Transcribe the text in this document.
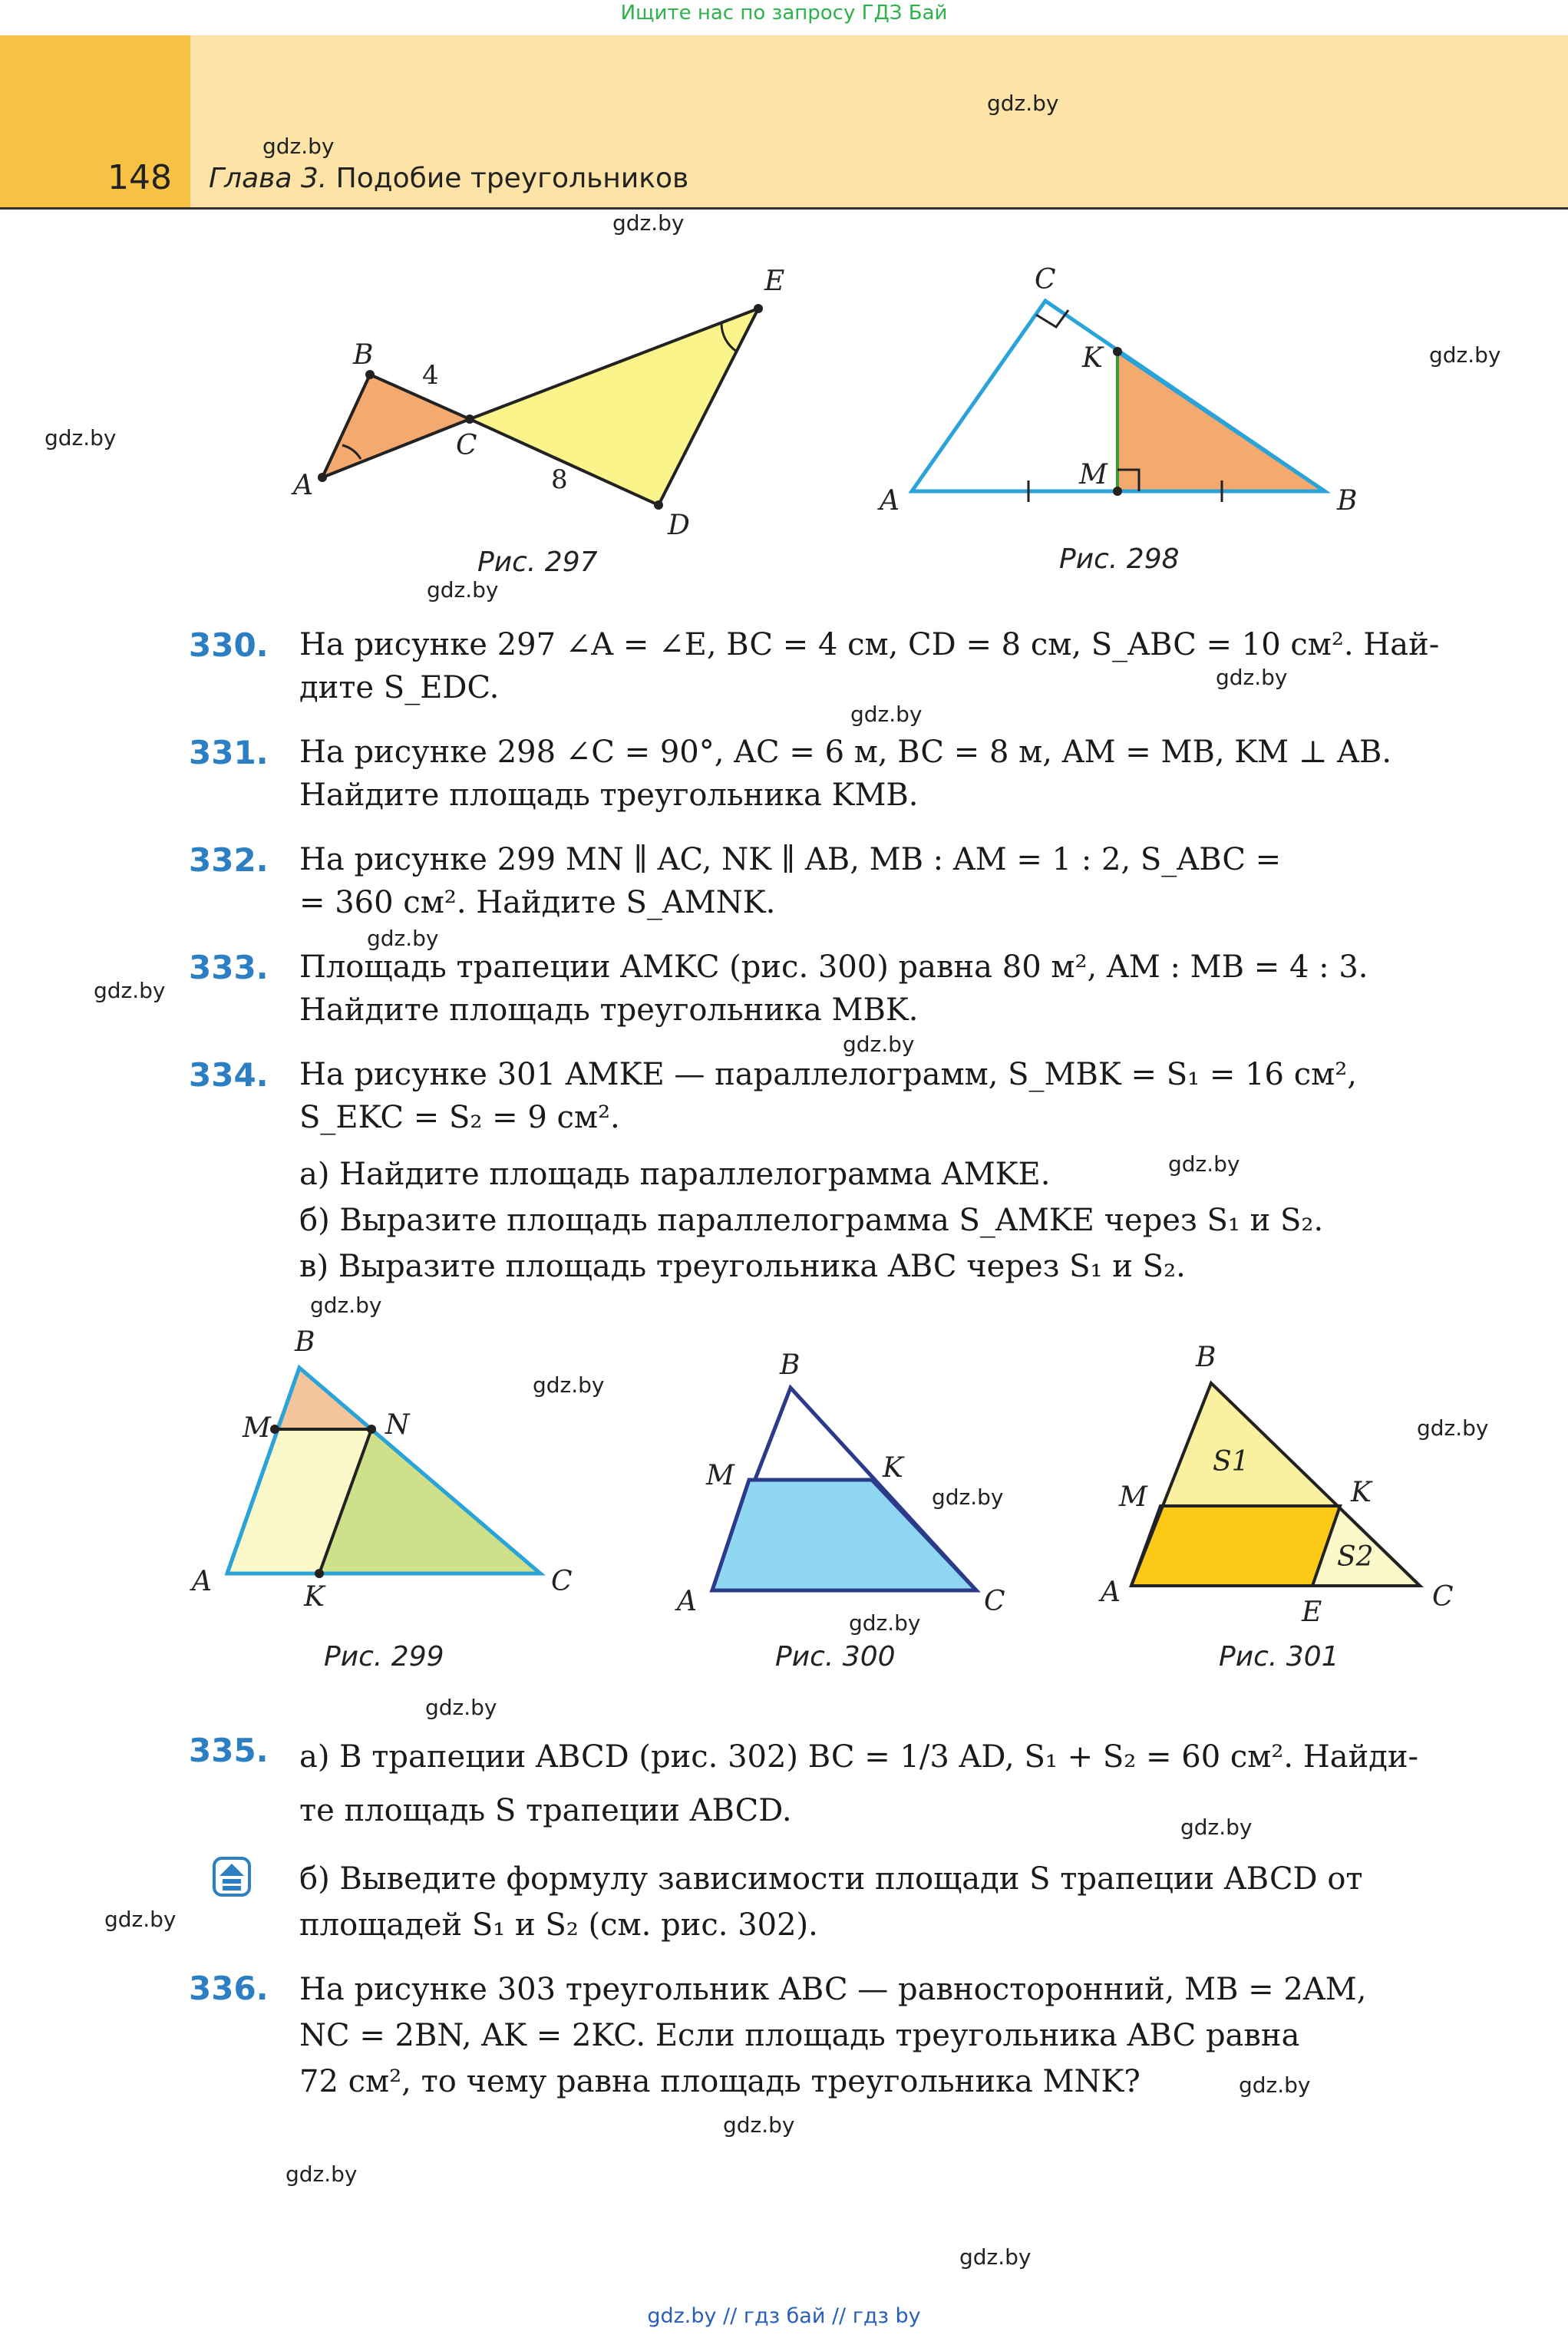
Ищите нас по запросу ГДЗ Бай
148 Глава 3. Подобие треугольников
gdz.by
gdz.by
gdz.by
gdz.by
gdz.by
gdz.by
gdz.by
gdz.by
gdz.by
gdz.by
gdz.by
gdz.by
gdz.by
gdz.by
gdz.by
gdz.by
gdz.by
gdz.by
gdz.by
gdz.by
gdz.by
gdz.by
gdz.by
gdz.by
A
B
C
D
E
4
8
Рис. 297
A	B
C
K
M
Рис. 298
330. На рисунке 297 ∠A = ∠E, BC = 4 см, CD = 8 см, S_ABC = 10 см². Най-
дите S_EDC.
331. На рисунке 298 ∠C = 90°, AC = 6 м, BC = 8 м, AM = MB, KM ⊥ AB.
Найдите площадь треугольника KMB.
332. На рисунке 299 MN ∥ AC, NK ∥ AB, MB : AM = 1 : 2, S_ABC =
= 360 см². Найдите S_AMNK.
333. Площадь трапеции AMKC (рис. 300) равна 80 м², AM : MB = 4 : 3.
Найдите площадь треугольника MBK.
334. На рисунке 301 AMKE — параллелограмм, S_MBK = S₁ = 16 см²,
S_EKC = S₂ = 9 см².
а) Найдите площадь параллелограмма AMKE.
б) Выразите площадь параллелограмма S_AMKE через S₁ и S₂.
в) Выразите площадь треугольника ABC через S₁ и S₂.
A
B
C
M	N
K
Рис. 299
A
B
C
M	K
Рис. 300
A
B
C
M	K
E
S1
S2
Рис. 301
335. а) В трапеции ABCD (рис. 302) BC = 1/3 AD, S₁ + S₂ = 60 см². Найди-
те площадь S трапеции ABCD.
б) Выведите формулу зависимости площади S трапеции ABCD от
площадей S₁ и S₂ (см. рис. 302).
336. На рисунке 303 треугольник ABC — равносторонний, MB = 2AM,
NC = 2BN, AK = 2KC. Если площадь треугольника ABC равна
72 см², то чему равна площадь треугольника MNK?
gdz.by // гдз бай // гдз by
